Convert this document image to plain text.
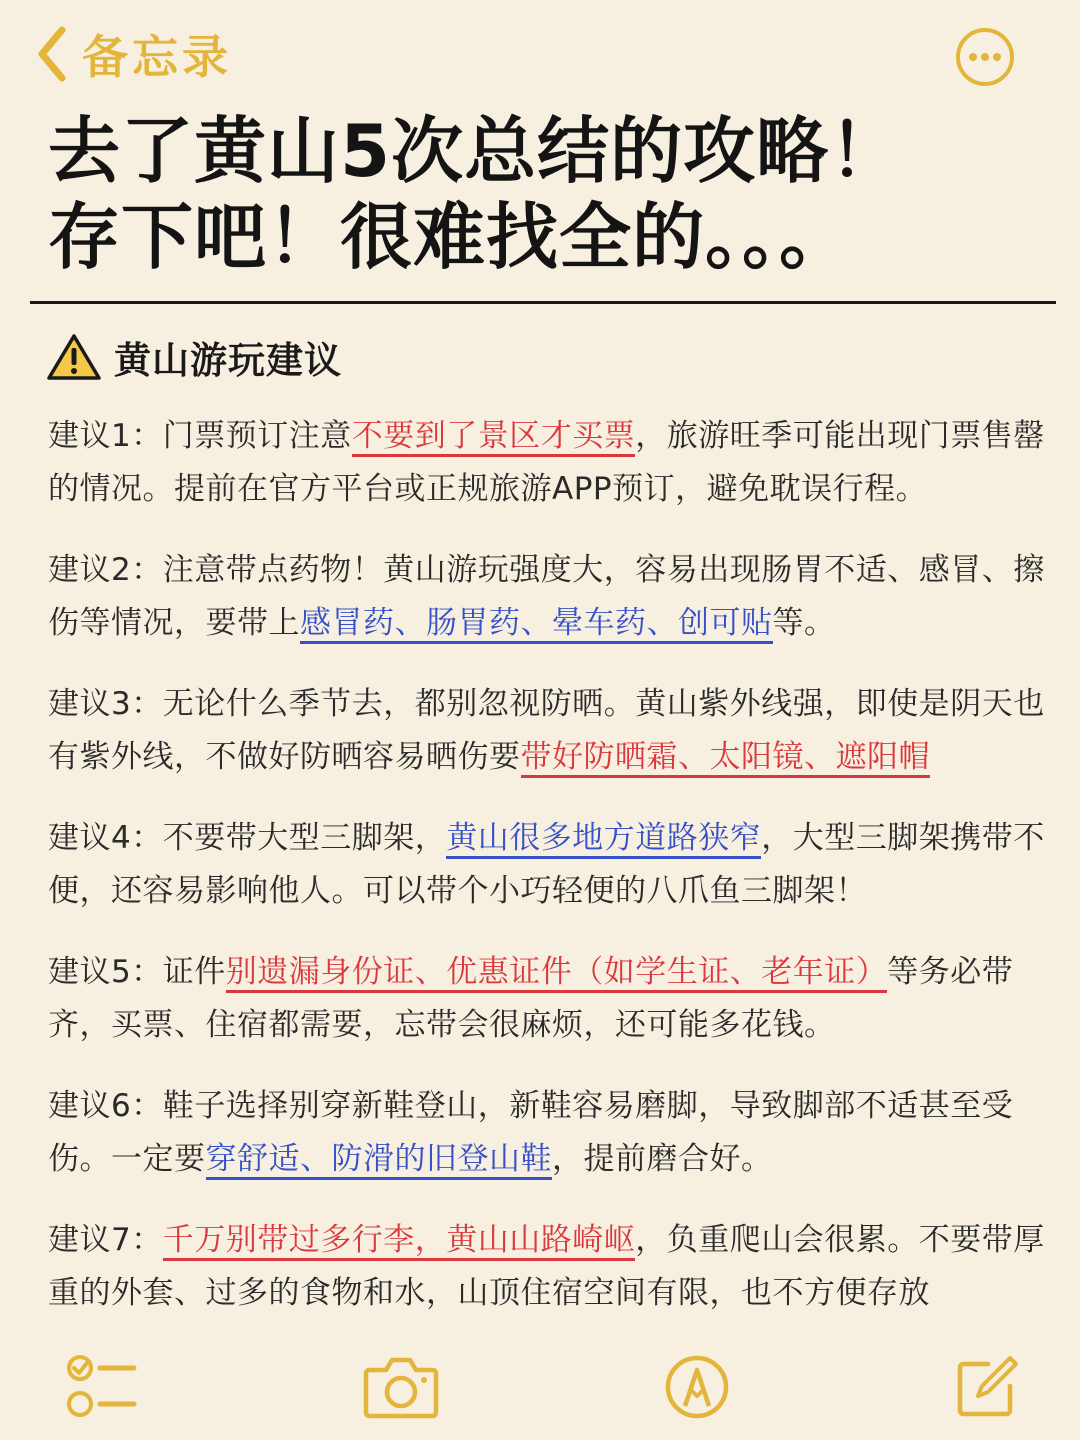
备忘录
去了黄山5次总结的攻略！
存下吧！很难找全的。。。
黄山游玩建议

建议1：门票预订注意不要到了景区才买票，旅游旺季可能出现门票售罄的情况。提前在官方平台或正规旅游APP预订，避免耽误行程。

建议2：注意带点药物！黄山游玩强度大，容易出现肠胃不适、感冒、擦伤等情况，要带上感冒药、肠胃药、晕车药、创可贴等。

建议3：无论什么季节去，都别忽视防晒。黄山紫外线强，即使是阴天也有紫外线，不做好防晒容易晒伤要带好防晒霜、太阳镜、遮阳帽

建议4：不要带大型三脚架，黄山很多地方道路狭窄，大型三脚架携带不便，还容易影响他人。可以带个小巧轻便的八爪鱼三脚架！

建议5：证件别遗漏身份证、优惠证件（如学生证、老年证）等务必带齐，买票、住宿都需要，忘带会很麻烦，还可能多花钱。

建议6：鞋子选择别穿新鞋登山，新鞋容易磨脚，导致脚部不适甚至受伤。一定要穿舒适、防滑的旧登山鞋，提前磨合好。

建议7：千万别带过多行李，黄山山路崎岖，负重爬山会很累。不要带厚重的外套、过多的食物和水，山顶住宿空间有限，也不方便存放
